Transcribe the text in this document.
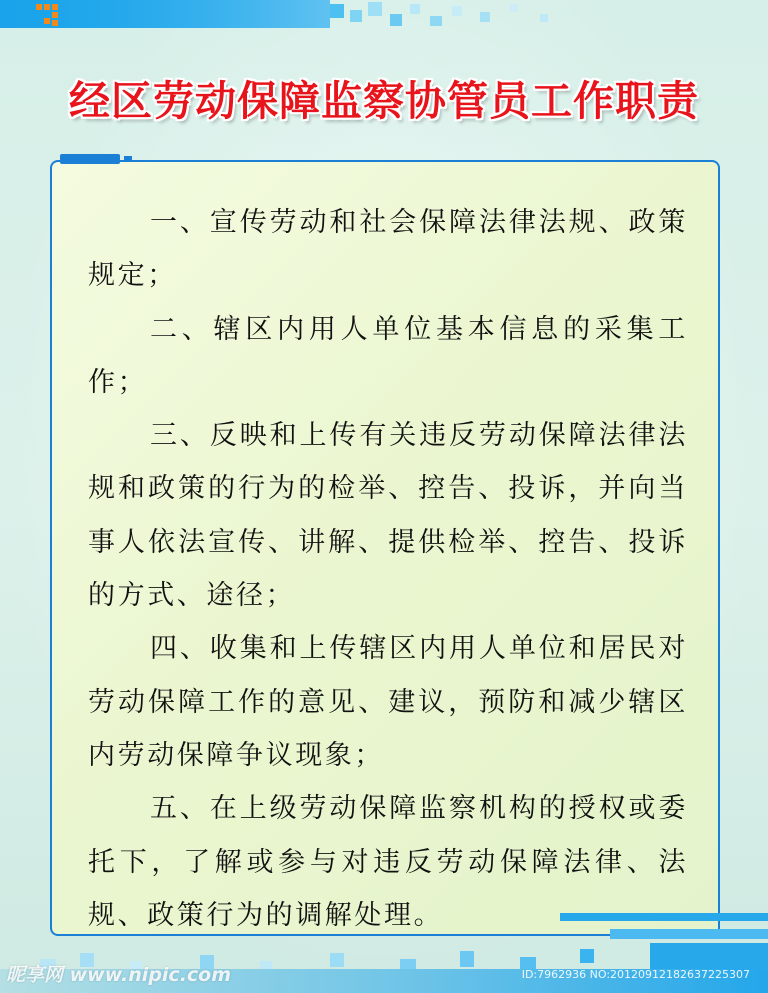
经区劳动保障监察协管员工作职责

一、宣传劳动和社会保障法律法规、政策规定；

二、辖区内用人单位基本信息的采集工作；

三、反映和上传有关违反劳动保障法律法规和政策的行为的检举、控告、投诉，并向当事人依法宣传、讲解、提供检举、控告、投诉的方式、途径；

四、收集和上传辖区内用人单位和居民对劳动保障工作的意见、建议，预防和减少辖区内劳动保障争议现象；

五、在上级劳动保障监察机构的授权或委托下，了解或参与对违反劳动保障法律、法规、政策行为的调解处理。

昵享网 www.nipic.com	ID:7962936 NO:20120912182637225307
